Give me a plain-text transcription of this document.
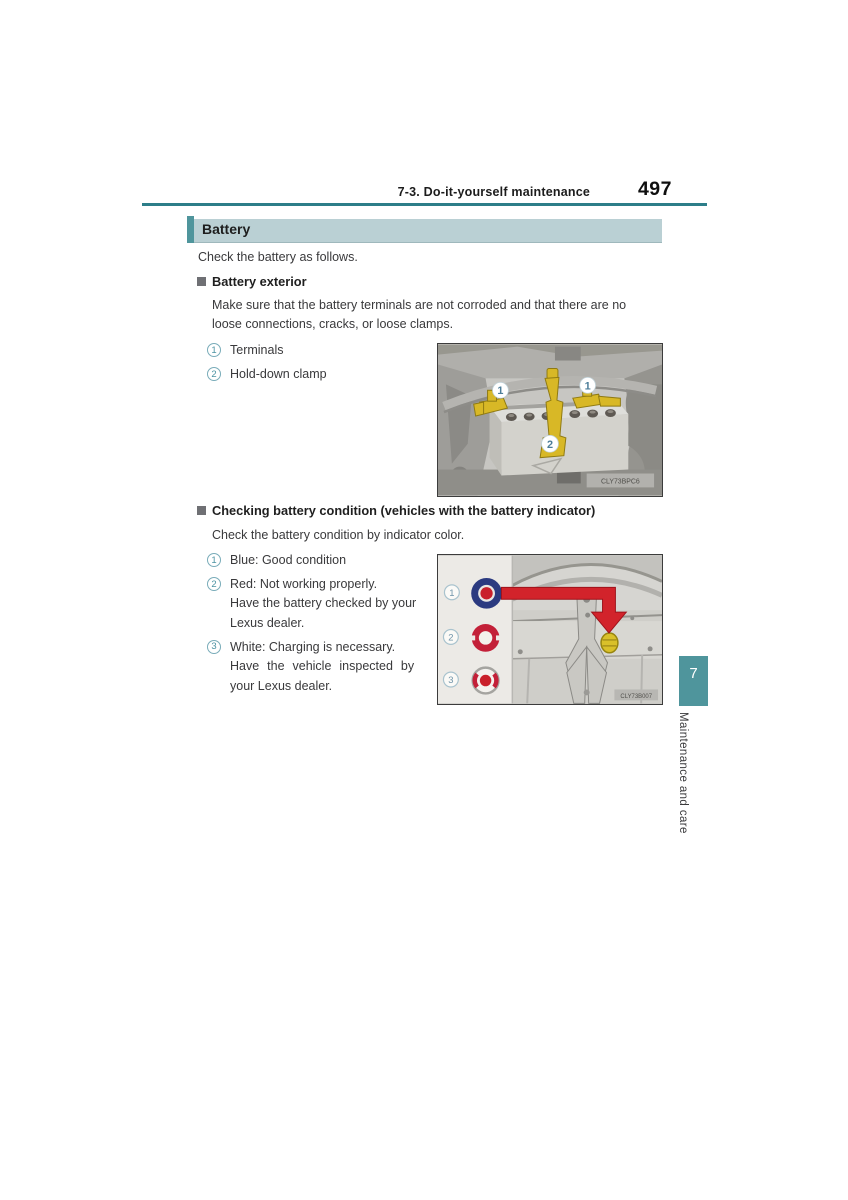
7-3. Do-it-yourself maintenance	497
Battery
Check the battery as follows.
Battery exterior
Make sure that the battery terminals are not corroded and that there are no
loose connections, cracks, or loose clamps.
1	Terminals
2	Hold-down clamp
1	1
2
CLY73BPC6
Checking battery condition (vehicles with the battery indicator)
Check the battery condition by indicator color.
1	Blue: Good condition
2	Red: Not working properly.
Have the battery checked by your
Lexus dealer.
3	White: Charging is necessary.
Have the vehicle inspected by
your Lexus dealer.
1
2
3
CLY73B007
7
Maintenance and care
